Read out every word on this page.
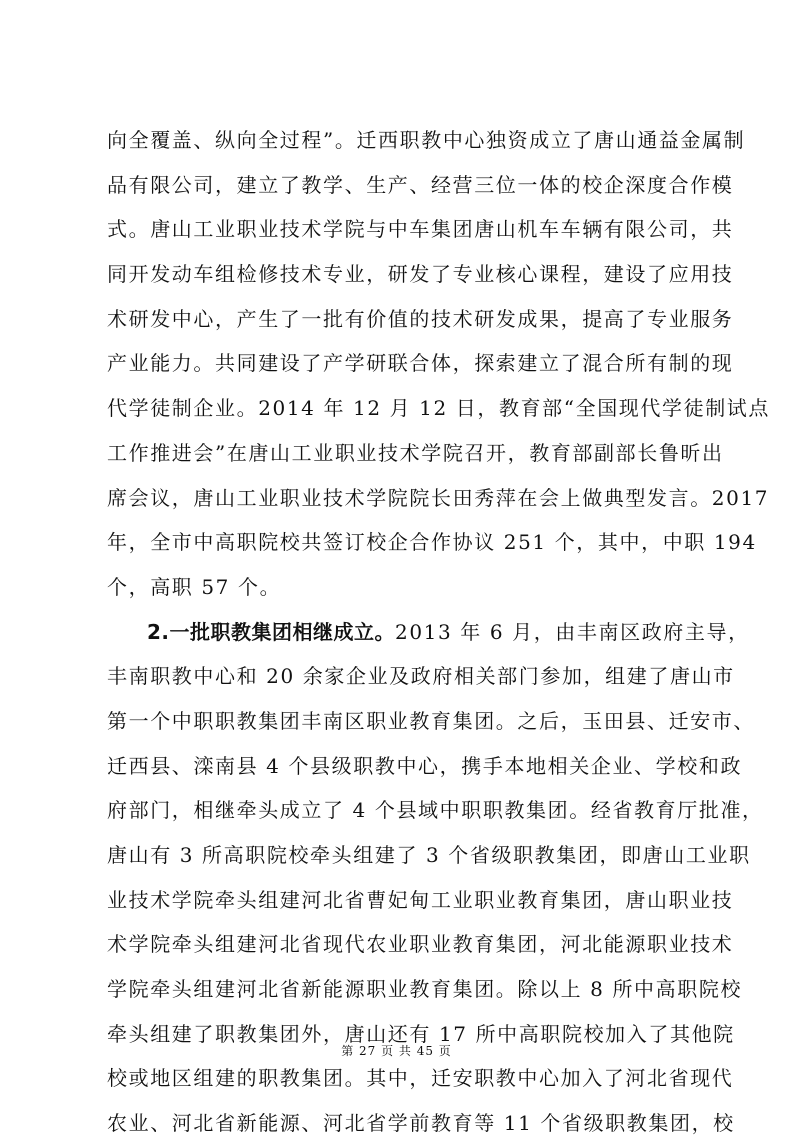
向全覆盖、纵向全过程”。迁西职教中心独资成立了唐山通益金属制
品有限公司，建立了教学、生产、经营三位一体的校企深度合作模
式。唐山工业职业技术学院与中车集团唐山机车车辆有限公司，共
同开发动车组检修技术专业，研发了专业核心课程，建设了应用技
术研发中心，产生了一批有价值的技术研发成果，提高了专业服务
产业能力。共同建设了产学研联合体，探索建立了混合所有制的现
代学徒制企业。2014 年 12 月 12 日，教育部“全国现代学徒制试点
工作推进会”在唐山工业职业技术学院召开，教育部副部长鲁昕出
席会议，唐山工业职业技术学院院长田秀萍在会上做典型发言。2017
年，全市中高职院校共签订校企合作协议 251 个，其中，中职 194
个，高职 57 个。
2.一批职教集团相继成立。2013 年 6 月，由丰南区政府主导，
丰南职教中心和 20 余家企业及政府相关部门参加，组建了唐山市
第一个中职职教集团丰南区职业教育集团。之后，玉田县、迁安市、
迁西县、滦南县 4 个县级职教中心，携手本地相关企业、学校和政
府部门，相继牵头成立了 4 个县域中职职教集团。经省教育厅批准，
唐山有 3 所高职院校牵头组建了 3 个省级职教集团，即唐山工业职
业技术学院牵头组建河北省曹妃甸工业职业教育集团，唐山职业技
术学院牵头组建河北省现代农业职业教育集团，河北能源职业技术
学院牵头组建河北省新能源职业教育集团。除以上 8 所中高职院校
牵头组建了职教集团外，唐山还有 17 所中高职院校加入了其他院
校或地区组建的职教集团。其中，迁安职教中心加入了河北省现代
农业、河北省新能源、河北省学前教育等 11 个省级职教集团，校
第 27 页 共 45 页
